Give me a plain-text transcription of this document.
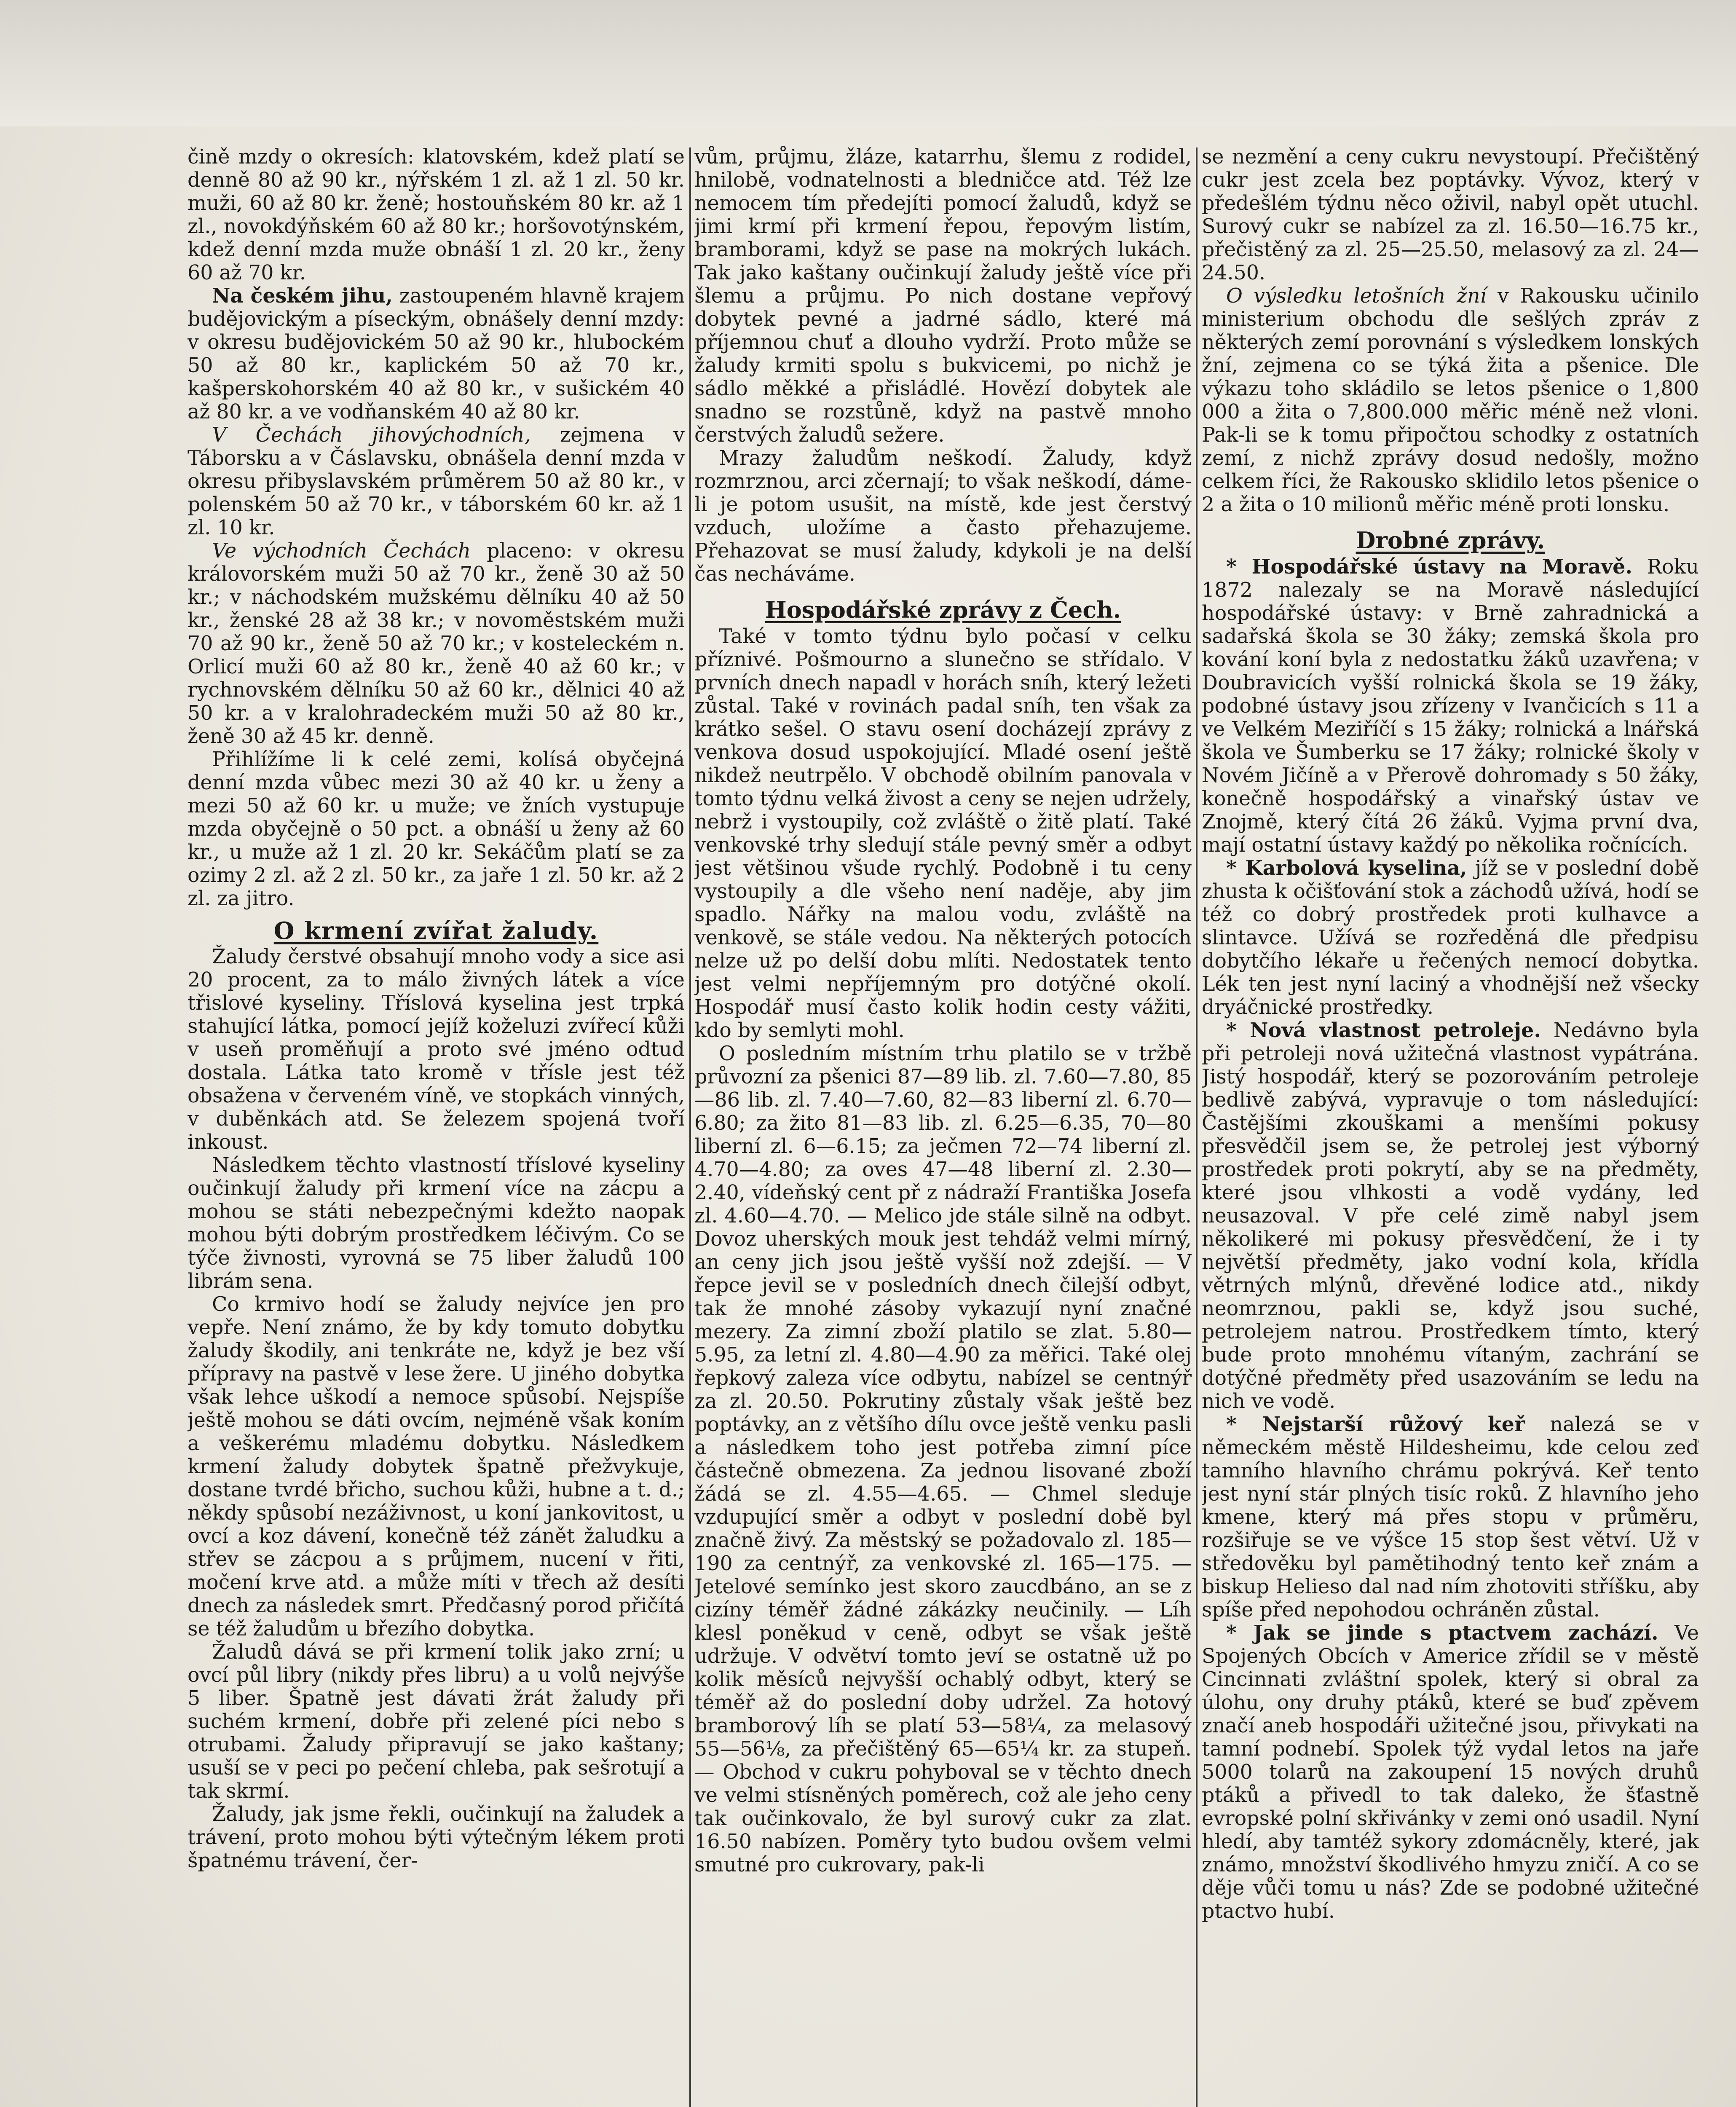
čině mzdy o okresích: klatovském, kdež platí se denně 80 až 90 kr., nýřském 1 zl. až 1 zl. 50 kr. muži, 60 až 80 kr. ženě; hostouňském 80 kr. až 1 zl., novokdýňském 60 až 80 kr.; horšovotýnském, kdež denní mzda muže obnáší 1 zl. 20 kr., ženy 60 až 70 kr.

Na českém jihu, zastoupeném hlavně krajem budějovickým a píseckým, obnášely denní mzdy: v okresu budějovickém 50 až 90 kr., hlubockém 50 až 80 kr., kaplickém 50 až 70 kr., kašperskohorském 40 až 80 kr., v sušickém 40 až 80 kr. a ve vodňanském 40 až 80 kr.

V Čechách jihovýchodních, zejmena v Táborsku a v Čáslavsku, obnášela denní mzda v okresu přibyslavském průměrem 50 až 80 kr., v polenském 50 až 70 kr., v táborském 60 kr. až 1 zl. 10 kr.

Ve východních Čechách placeno: v okresu královorském muži 50 až 70 kr., ženě 30 až 50 kr.; v náchodském mužskému dělníku 40 až 50 kr., ženské 28 až 38 kr.; v novoměstském muži 70 až 90 kr., ženě 50 až 70 kr.; v kosteleckém n. Orlicí muži 60 až 80 kr., ženě 40 až 60 kr.; v rychnovském dělníku 50 až 60 kr., dělnici 40 až 50 kr. a v kralohradeckém muži 50 až 80 kr., ženě 30 až 45 kr. denně.

Přihlížíme li k celé zemi, kolísá obyčejná denní mzda vůbec mezi 30 až 40 kr. u ženy a mezi 50 až 60 kr. u muže; ve žních vystupuje mzda obyčejně o 50 pct. a obnáší u ženy až 60 kr., u muže až 1 zl. 20 kr. Sekáčům platí se za ozimy 2 zl. až 2 zl. 50 kr., za jaře 1 zl. 50 kr. až 2 zl. za jitro.

O krmení zvířat žaludy.

Žaludy čerstvé obsahují mnoho vody a sice asi 20 procent, za to málo živných látek a více třislové kyseliny. Tříslová kyselina jest trpká stahující látka, pomocí jejíž koželuzi zvířecí kůži v useň proměňují a proto své jméno odtud dostala. Látka tato kromě v tříslе jest též obsažena v červeném víně, ve stopkách vinných, v duběnkách atd. Se železem spojená tvoří inkoust.

Následkem těchto vlastností tříslové kyseliny oučinkují žaludy při krmení více na zácpu a mohou se státi nebezpečnými kdežto naopak mohou býti dobrým prostředkem léčivým. Co se týče živnosti, vyrovná se 75 liber žaludů 100 librám sena.

Co krmivo hodí se žaludy nejvíce jen pro vepře. Není známo, že by kdy tomuto dobytku žaludy škodily, ani tenkráte ne, když je bez vší přípravy na pastvě v lese žere. U jiného dobytka však lehce uškodí a nemoce spůsobí. Nejspíše ještě mohou se dáti ovcím, nejméně však koním a veškerému mladému dobytku. Následkem krmení žaludy dobytek špatně přežvykuje, dostane tvrdé břicho, suchou kůži, hubne a t. d.; někdy spůsobí nezáživnost, u koní jankovitost, u ovcí a koz dávení, konečně též zánět žaludku a střev se zácpou a s průjmem, nucení v řiti, močení krve atd. a může míti v třech až desíti dnech za následek smrt. Předčasný porod přičítá se též žaludům u březího dobytka.

Žaludů dává se při krmení tolik jako zrní; u ovcí půl libry (nikdy přes libru) a u volů nejvýše 5 liber. Špatně jest dávati žrát žaludy při suchém krmení, dobře při zelené píci nebo s otrubami. Žaludy připravují se jako kaštany; usuší se v peci po pečení chleba, pak sešrotují a tak skrmí.

Žaludy, jak jsme řekli, oučinkují na žaludek a trávení, proto mohou býti výtečným lékem proti špatnému trávení, čer-

vům, průjmu, žláze, katarrhu, šlemu z rodidel, hnilobě, vodnatelnosti a bledničce atd. Též lze nemocem tím předejíti pomocí žaludů, když se jimi krmí při krmení řepou, řepovým listím, bramborami, když se pase na mokrých lukách. Tak jako kaštany oučinkují žaludy ještě více při šlemu a průjmu. Po nich dostane vepřový dobytek pevné a jadrné sádlo, které má příjemnou chuť a dlouho vydrží. Proto může se žaludy krmiti spolu s bukvicemi, po nichž je sádlo měkké a přisládlé. Hovězí dobytek ale snadno se rozstůně, když na pastvě mnoho čerstvých žaludů sežere.

Mrazy žaludům neškodí. Žaludy, když rozmrznou, arci zčernají; to však neškodí, dáme-li je potom usušit, na místě, kde jest čerstvý vzduch, uložíme a často přehazujeme. Přehazovat se musí žaludy, kdykoli je na delší čas necháváme.

Hospodářské zprávy z Čech.

Také v tomto týdnu bylo počasí v celku příznivé. Pošmourno a slunečno se střídalo. V prvních dnech napadl v horách sníh, který ležeti zůstal. Také v rovinách padal sníh, ten však za krátko sešel. O stavu osení docházejí zprávy z venkova dosud uspokojující. Mladé osení ještě nikdež neutrpělo. V obchodě obilním panovala v tomto týdnu velká živost a ceny se nejen udržely, nebrž i vystoupily, což zvláště o žitě platí. Také venkovské trhy sledují stále pevný směr a odbyt jest většinou všude rychlý. Podobně i tu ceny vystoupily a dle všeho není naděje, aby jim spadlo. Nářky na malou vodu, zvláště na venkově, se stále vedou. Na některých potocích nelze už po delší dobu mlíti. Nedostatek tento jest velmi nepříjemným pro dotýčné okolí. Hospodář musí často kolik hodin cesty vážiti, kdo by semlyti mohl.

O posledním místním trhu platilo se v tržbě průvozní za pšenici 87—89 lib. zl. 7.60—7.80, 85—86 lib. zl. 7.40—7.60, 82—83 liberní zl. 6.70—6.80; za žito 81—83 lib. zl. 6.25—6.35, 70—80 liberní zl. 6—6.15; za ječmen 72—74 liberní zl. 4.70—4.80; za oves 47—48 liberní zl. 2.30—2.40, vídeňský cent př z nádraží Františka Josefa zl. 4.60—4.70. — Melico jde stále silně na odbyt. Dovoz uherských mouk jest tehdáž velmi mírný, an ceny jich jsou ještě vyšší nož zdejší. — V řepce jevil se v posledních dnech čilejší odbyt, tak že mnohé zásoby vykazují nyní značné mezery. Za zimní zboží platilo se zlat. 5.80—5.95, za letní zl. 4.80—4.90 za měřici. Také olej řepkový zaleza více odbytu, nabízel se centnýř za zl. 20.50. Pokrutiny zůstaly však ještě bez poptávky, an z většího dílu ovce ještě venku pasli a následkem toho jest potřeba zimní píce částečně obmezena. Za jednou lisované zboží žádá se zl. 4.55—4.65. — Chmel sleduje vzdupující směr a odbyt v poslední době byl značně živý. Za městský se požadovalo zl. 185—190 za centnýř, za venkovské zl. 165—175. — Jetelové semínko jest skoro zaucdbáno, an se z cizíny téměř žádné zákázky neučinily. — Líh klesl poněkud v ceně, odbyt se však ještě udržuje. V odvětví tomto jeví se ostatně už po kolik měsíců nejvyšší ochablý odbyt, který se téměř až do poslední doby udržel. Za hotový bramborový líh se platí 53—58¼, za melasový 55—56⅛, za přečištěný 65—65¼ kr. za stupeň. — Obchod v cukru pohyboval se v těchto dnech ve velmi stísněných poměrech, což ale jeho ceny tak oučinkovalo, že byl surový cukr za zlat. 16.50 nabízen. Poměry tyto budou ovšem velmi smutné pro cukrovary, pak-li

se nezmění a ceny cukru nevystoupí. Přečištěný cukr jest zcela bez poptávky. Vývoz, který v předešlém týdnu něco oživil, nabyl opět utuchl. Surový cukr se nabízel za zl. 16.50—16.75 kr., přečistěný za zl. 25—25.50, melasový za zl. 24—24.50.

O výsledku letošních žní v Rakousku učinilo ministerium obchodu dle sešlých zpráv z některých zemí porovnání s výsledkem lonských žní, zejmena co se týká žita a pšenice. Dle výkazu toho skládilo se letos pšenice o 1,800 000 a žita o 7,800.000 měřic méně než vloni. Pak-li se k tomu připočtou schodky z ostatních zemí, z nichž zprávy dosud nedošly, možno celkem říci, že Rakousko sklidilo letos pšenice o 2 a žita o 10 milionů měřic méně proti lonsku.

Drobné zprávy.

* Hospodářské ústavy na Moravě. Roku 1872 nalezaly se na Moravě následující hospodářské ústavy: v Brně zahradnická a sadařská škola se 30 žáky; zemská škola pro kování koní byla z nedostatku žáků uzavřena; v Doubravicích vyšší rolnická škola se 19 žáky, podobné ústavy jsou zřízeny v Ivančicích s 11 a ve Velkém Meziříčí s 15 žáky; rolnická a lnářská škola ve Šumberku se 17 žáky; rolnické školy v Novém Jičíně a v Přerově dohromady s 50 žáky, konečně hospodářský a vinařský ústav ve Znojmě, který čítá 26 žáků. Vyjma první dva, mají ostatní ústavy každý po několika ročnících.

* Karbolová kyselina, jíž se v poslední době zhusta k očišťování stok a záchodů užívá, hodí se též co dobrý prostředek proti kulhavce a slintavce. Užívá se rozředěná dle předpisu dobytčího lékaře u řečených nemocí dobytka. Lék ten jest nyní laciný a vhodnější než všecky dryáčnické prostředky.

* Nová vlastnost petroleje. Nedávno byla při petroleji nová užitečná vlastnost vypátrána. Jistý hospodář, který se pozorováním petroleje bedlivě zabývá, vypravuje o tom následující: Častějšími zkouškami a menšími pokusy přesvědčil jsem se, že petrolej jest výborný prostředek proti pokrytí, aby se na předměty, které jsou vlhkosti a vodě vydány, led neusazoval. V pře celé zimě nabyl jsem několikeré mi pokusy přesvědčení, že i ty největší předměty, jako vodní kola, křídla větrných mlýnů, dřevěné lodice atd., nikdy neomrznou, pakli se, když jsou suché, petrolejem natrou. Prostředkem tímto, který bude proto mnohému vítaným, zachrání se dotýčné předměty před usazováním se ledu na nich ve vodě.

* Nejstarší růžový keř nalezá se v německém městě Hildesheimu, kde celou zeď tamního hlavního chrámu pokrývá. Keř tento jest nyní stár plných tisíc roků. Z hlavního jeho kmene, který má přes stopu v průměru, rozšiřuje se ve výšce 15 stop šest větví. Už v středověku byl pamětihodný tento keř znám a biskup Helieso dal nad ním zhotoviti stříšku, aby spíše před nepohodou ochráněn zůstal.

* Jak se jinde s ptactvem zachází. Ve Spojených Obcích v Americe zřídil se v městě Cincinnati zvláštní spolek, který si obral za úlohu, ony druhy ptáků, které se buď zpěvem značí aneb hospodáři užitečné jsou, přivykati na tamní podnebí. Spolek týž vydal letos na jaře 5000 tolarů na zakoupení 15 nových druhů ptáků a přivedl to tak daleko, že šťastně evropské polní skřivánky v zemi onó usadil. Nyní hledí, aby tamtéž sykory zdomácněly, které, jak známo, množství škodlivého hmyzu zničí. A co se děje vůči tomu u nás? Zde se podobné užitečné ptactvo hubí.
